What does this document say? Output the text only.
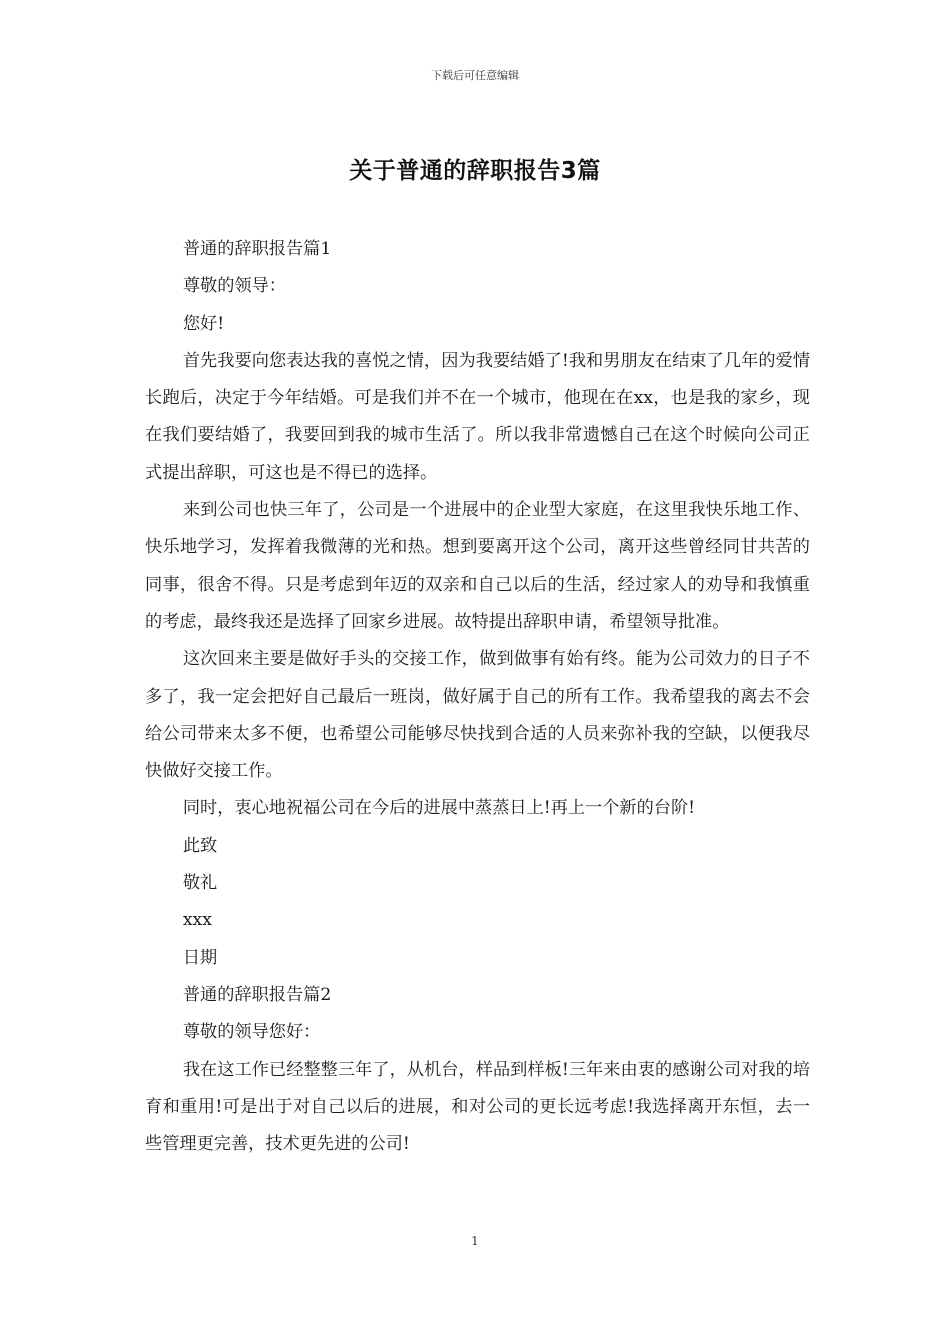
下载后可任意编辑
关于普通的辞职报告3篇

普通的辞职报告篇1

尊敬的领导：

您好!

首先我要向您表达我的喜悦之情，因为我要结婚了!我和男朋友在结束了几年的爱情长跑后，决定于今年结婚。可是我们并不在一个城市，他现在在xx，也是我的家乡，现在我们要结婚了，我要回到我的城市生活了。所以我非常遗憾自己在这个时候向公司正式提出辞职，可这也是不得已的选择。

来到公司也快三年了，公司是一个进展中的企业型大家庭，在这里我快乐地工作、快乐地学习，发挥着我微薄的光和热。想到要离开这个公司，离开这些曾经同甘共苦的同事，很舍不得。只是考虑到年迈的双亲和自己以后的生活，经过家人的劝导和我慎重的考虑，最终我还是选择了回家乡进展。故特提出辞职申请，希望领导批准。

这次回来主要是做好手头的交接工作，做到做事有始有终。能为公司效力的日子不多了，我一定会把好自己最后一班岗，做好属于自己的所有工作。我希望我的离去不会给公司带来太多不便，也希望公司能够尽快找到合适的人员来弥补我的空缺，以便我尽快做好交接工作。

同时，衷心地祝福公司在今后的进展中蒸蒸日上!再上一个新的台阶!

此致

敬礼

xxx

日期

普通的辞职报告篇2

尊敬的领导您好：

我在这工作已经整整三年了，从机台，样品到样板!三年来由衷的感谢公司对我的培育和重用!可是出于对自己以后的进展，和对公司的更长远考虑!我选择离开东恒，去一些管理更完善，技术更先进的公司!

1
